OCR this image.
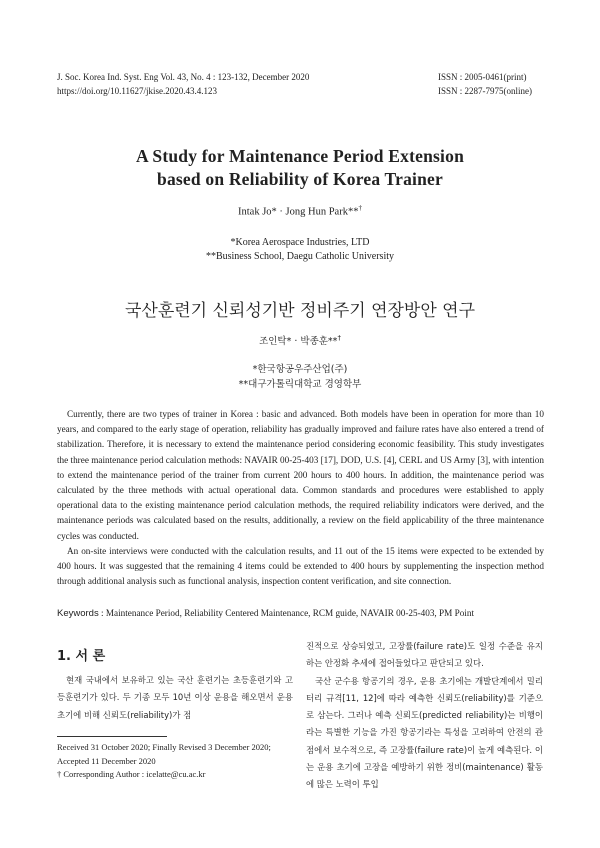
J. Soc. Korea Ind. Syst. Eng Vol. 43, No. 4 : 123-132, December 2020
https://doi.org/10.11627/jkise.2020.43.4.123
ISSN : 2005-0461(print)
ISSN : 2287-7975(online)
A Study for Maintenance Period Extension
based on Reliability of Korea Trainer
Intak Jo* · Jong Hun Park**†
*Korea Aerospace Industries, LTD
**Business School, Daegu Catholic University
국산훈련기 신뢰성기반 정비주기 연장방안 연구
조인탁* · 박종훈**†
*한국항공우주산업(주)
**대구가톨릭대학교 경영학부

Currently, there are two types of trainer in Korea : basic and advanced. Both models have been in operation for more than 10 years, and compared to the early stage of operation, reliability has gradually improved and failure rates have also entered a trend of stabilization. Therefore, it is necessary to extend the maintenance period considering economic feasibility. This study investigates the three maintenance period calculation methods: NAVAIR 00-25-403 [17], DOD, U.S. [4], CERL and US Army [3], with intention to extend the maintenance period of the trainer from current 200 hours to 400 hours. In addition, the maintenance period was calculated by the three methods with actual operational data. Common standards and procedures were established to apply operational data to the existing maintenance period calculation methods, the required reliability indicators were derived, and the maintenance periods was calculated based on the results, additionally, a review on the field applicability of the three maintenance cycles was conducted.

An on-site interviews were conducted with the calculation results, and 11 out of the 15 items were expected to be extended by 400 hours. It was suggested that the remaining 4 items could be extended to 400 hours by supplementing the inspection method through additional analysis such as functional analysis, inspection content verification, and site connection.

Keywords : Maintenance Period, Reliability Centered Maintenance, RCM guide, NAVAIR 00-25-403, PM Point
1. 서 론

현재 국내에서 보유하고 있는 국산 훈련기는 초등훈련기와 고등훈련기가 있다. 두 기종 모두 10년 이상 운용을 해오면서 운용 초기에 비해 신뢰도(reliability)가 점

Received 31 October 2020; Finally Revised 3 December 2020;
Accepted 11 December 2020
† Corresponding Author : icelatte@cu.ac.kr

진적으로 상승되었고, 고장률(failure rate)도 일정 수준을 유지하는 안정화 추세에 접어들었다고 판단되고 있다.

국산 군수용 항공기의 경우, 운용 초기에는 개발단계에서 밀리터리 규격[11, 12]에 따라 예측한 신뢰도(reliability)를 기준으로 삼는다. 그러나 예측 신뢰도(predicted reliability)는 비행이라는 특별한 기능을 가진 항공기라는 특성을 고려하여 안전의 관점에서 보수적으로, 즉 고장률(failure rate)이 높게 예측된다. 이는 운용 초기에 고장을 예방하기 위한 정비(maintenance) 활동에 많은 노력이 투입
